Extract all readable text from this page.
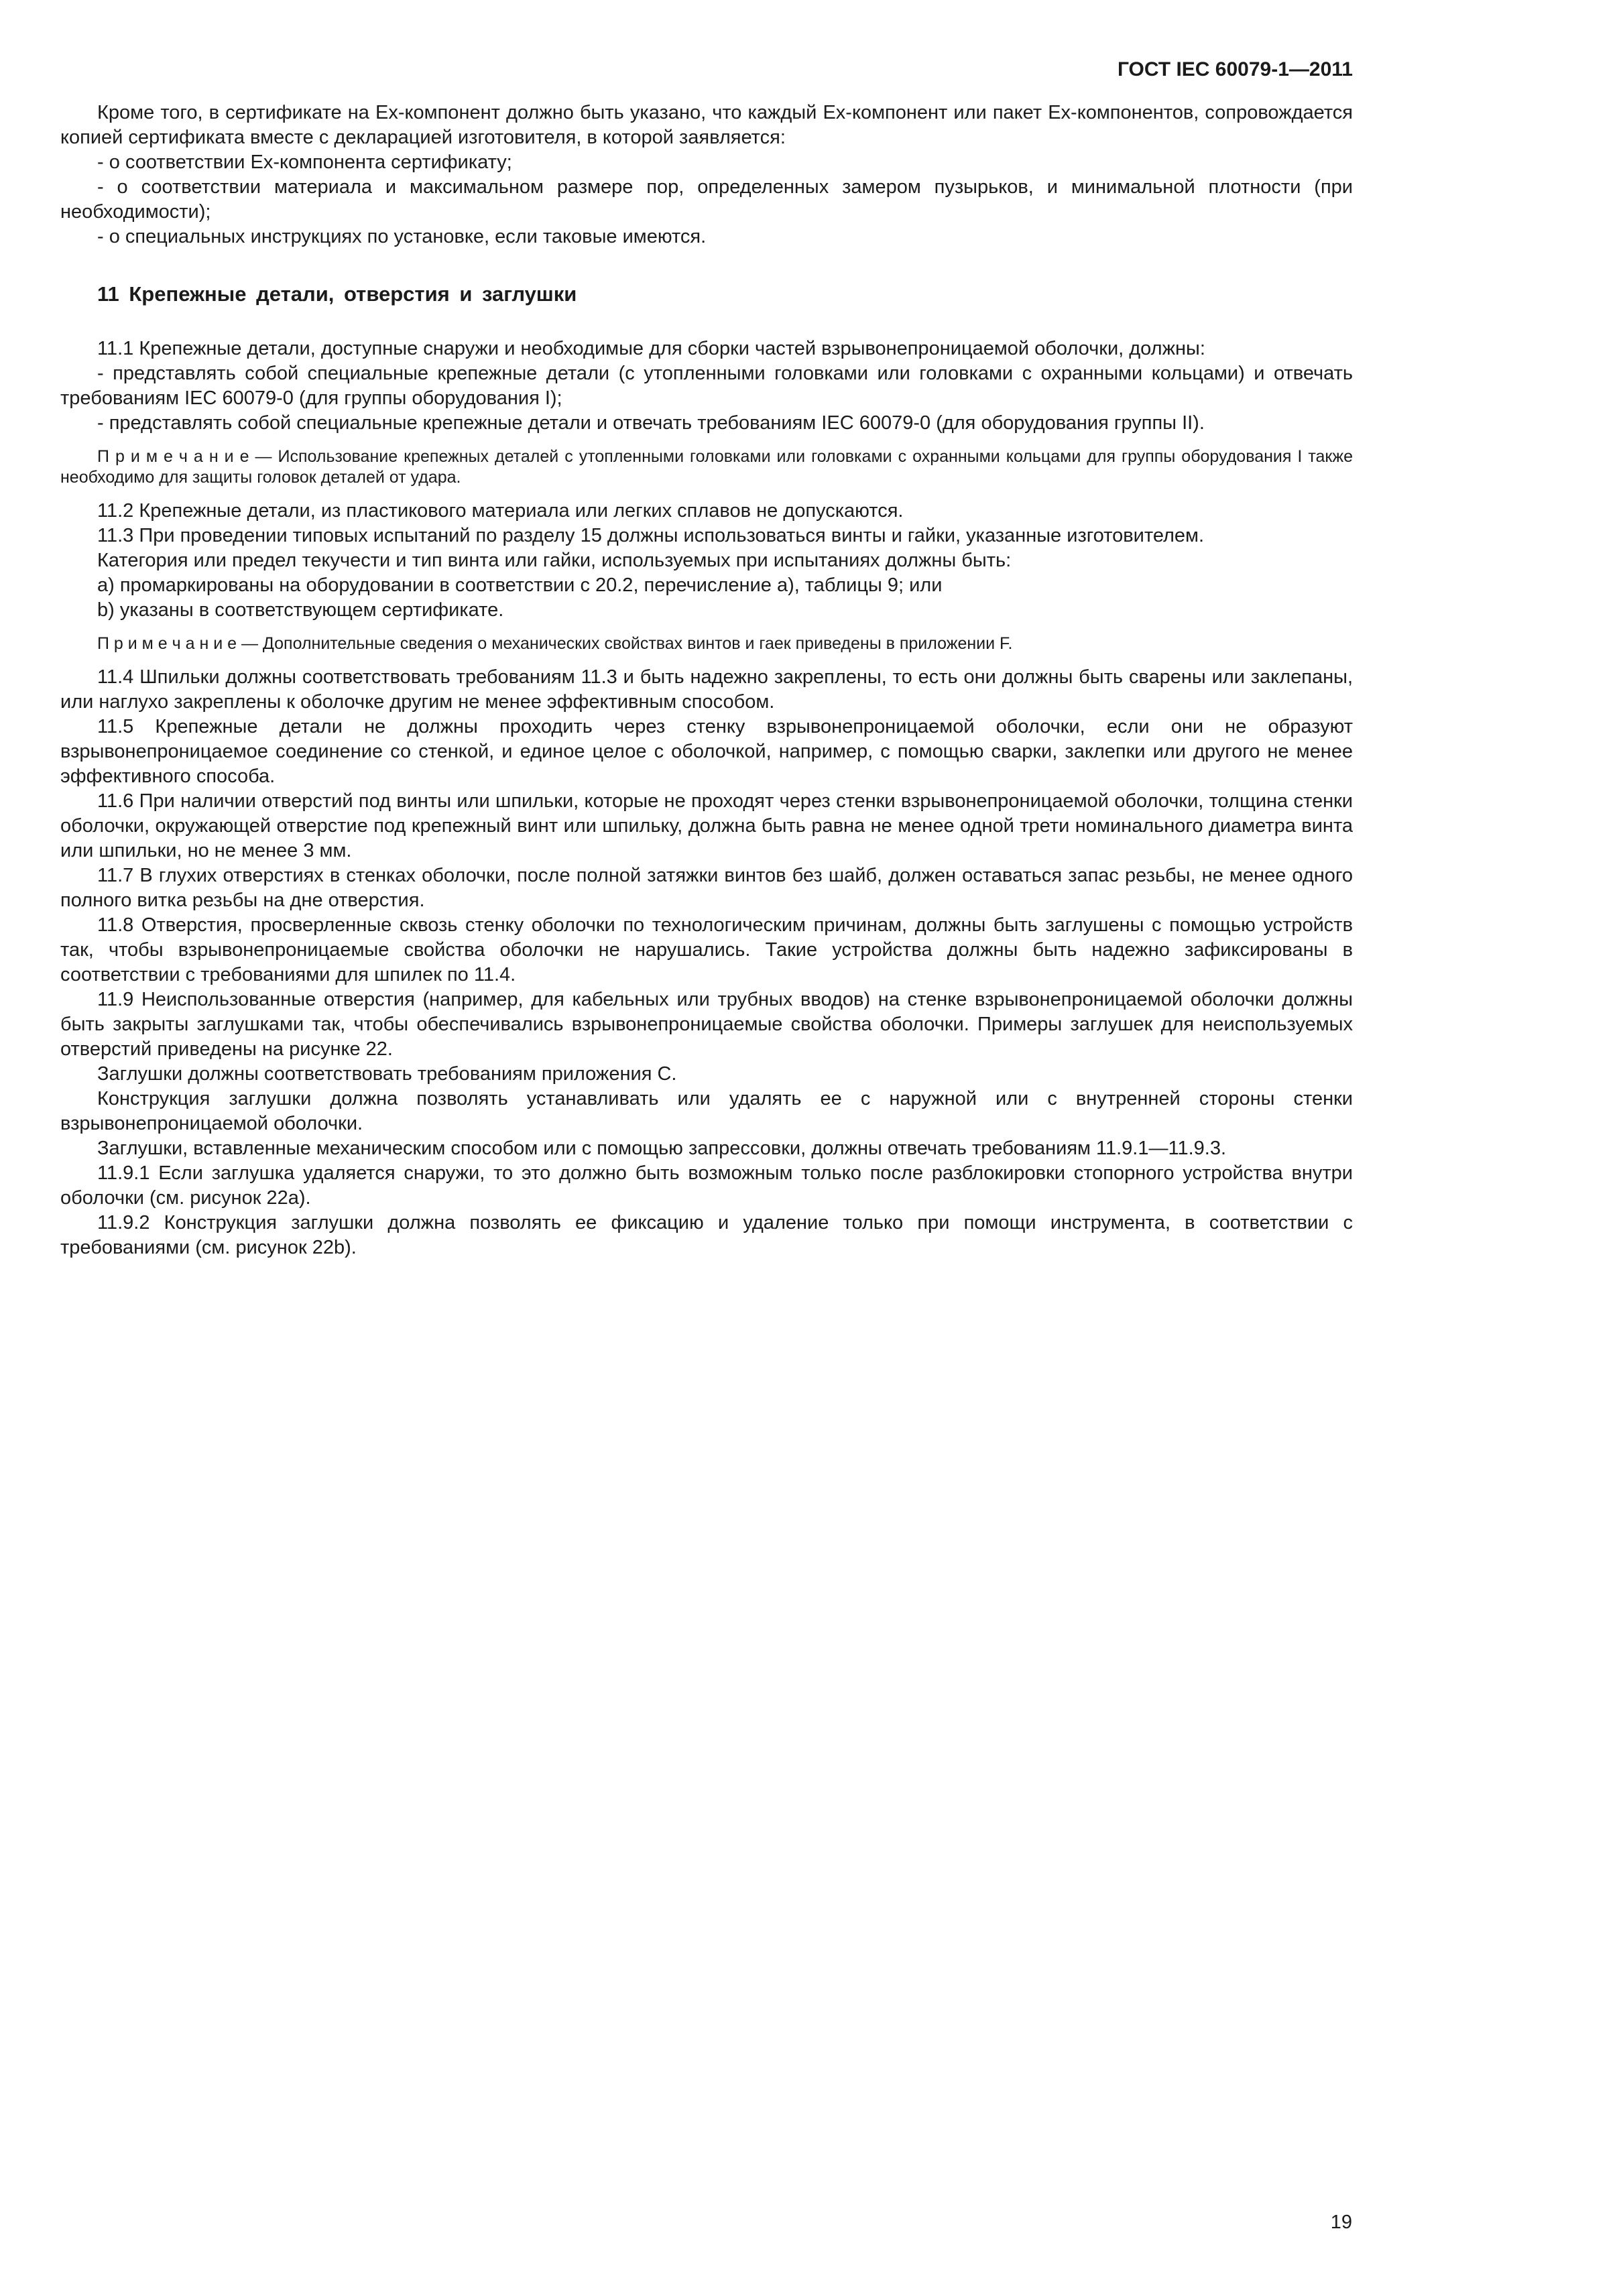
ГОСТ IEC 60079-1—2011

Кроме того, в сертификате на Ex-компонент должно быть указано, что каждый Ex-компонент или пакет Ex-компонентов, сопровождается копией сертификата вместе с декларацией изготовителя, в которой заявляется:

- о соответствии Ex-компонента сертификату;

- о соответствии материала и максимальном размере пор, определенных замером пузырьков, и минимальной плотности (при необходимости);

- о специальных инструкциях по установке, если таковые имеются.

11 Крепежные детали, отверстия и заглушки

11.1 Крепежные детали, доступные снаружи и необходимые для сборки частей взрывонепроницаемой оболочки, должны:

- представлять собой специальные крепежные детали (с утопленными головками или головками с охранными кольцами) и отвечать требованиям IEC 60079-0 (для группы оборудования I);

- представлять собой специальные крепежные детали и отвечать требованиям IEC 60079-0 (для оборудования группы II).

П р и м е ч а н и е — Использование крепежных деталей с утопленными головками или головками с охранными кольцами для группы оборудования I также необходимо для защиты головок деталей от удара.

11.2 Крепежные детали, из пластикового материала или легких сплавов не допускаются.

11.3 При проведении типовых испытаний по разделу 15 должны использоваться винты и гайки, указанные изготовителем.

Категория или предел текучести и тип винта или гайки, используемых при испытаниях должны быть:

a) промаркированы на оборудовании в соответствии с 20.2, перечисление а), таблицы 9; или

b) указаны в соответствующем сертификате.

П р и м е ч а н и е — Дополнительные сведения о механических свойствах винтов и гаек приведены в приложении F.

11.4 Шпильки должны соответствовать требованиям 11.3 и быть надежно закреплены, то есть они должны быть сварены или заклепаны, или наглухо закреплены к оболочке другим не менее эффективным способом.

11.5 Крепежные детали не должны проходить через стенку взрывонепроницаемой оболочки, если они не образуют взрывонепроницаемое соединение со стенкой, и единое целое с оболочкой, например, с помощью сварки, заклепки или другого не менее эффективного способа.

11.6 При наличии отверстий под винты или шпильки, которые не проходят через стенки взрывонепроницаемой оболочки, толщина стенки оболочки, окружающей отверстие под крепежный винт или шпильку, должна быть равна не менее одной трети номинального диаметра винта или шпильки, но не менее 3 мм.

11.7 В глухих отверстиях в стенках оболочки, после полной затяжки винтов без шайб, должен оставаться запас резьбы, не менее одного полного витка резьбы на дне отверстия.

11.8 Отверстия, просверленные сквозь стенку оболочки по технологическим причинам, должны быть заглушены с помощью устройств так, чтобы взрывонепроницаемые свойства оболочки не нарушались. Такие устройства должны быть надежно зафиксированы в соответствии с требованиями для шпилек по 11.4.

11.9 Неиспользованные отверстия (например, для кабельных или трубных вводов) на стенке взрывонепроницаемой оболочки должны быть закрыты заглушками так, чтобы обеспечивались взрывонепроницаемые свойства оболочки. Примеры заглушек для неиспользуемых отверстий приведены на рисунке 22.

Заглушки должны соответствовать требованиям приложения С.

Конструкция заглушки должна позволять устанавливать или удалять ее с наружной или с внутренней стороны стенки взрывонепроницаемой оболочки.

Заглушки, вставленные механическим способом или с помощью запрессовки, должны отвечать требованиям 11.9.1—11.9.3.

11.9.1 Если заглушка удаляется снаружи, то это должно быть возможным только после разблокировки стопорного устройства внутри оболочки (см. рисунок 22а).

11.9.2 Конструкция заглушки должна позволять ее фиксацию и удаление только при помощи инструмента, в соответствии с требованиями (см. рисунок 22b).

19
